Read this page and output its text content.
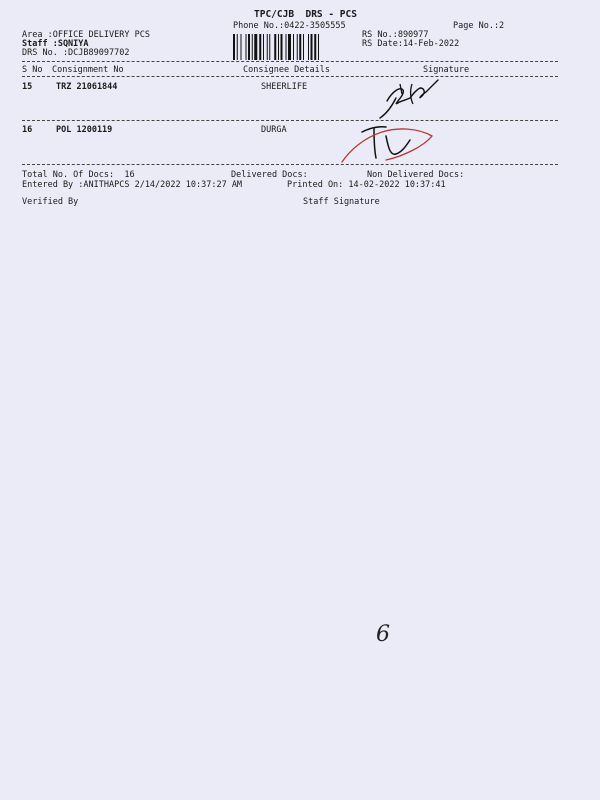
TPC/CJB  DRS - PCS
Phone No.:0422-3505555	Page No.:2
Area :OFFICE DELIVERY PCS
Staff :SQNIYA
DRS No. :DCJB89097702
RS No.:890977
RS Date:14-Feb-2022
S No Consignment No	Consignee Details	Signature
15	TRZ 21061844	SHEERLIFE
16	POL 1200119	DURGA
Total No. Of Docs:  16	Delivered Docs:	Non Delivered Docs:
Entered By :ANITHAPCS 2/14/2022 10:37:27 AM	Printed On: 14-02-2022 10:37:41
Verified By	Staff Signature
6
